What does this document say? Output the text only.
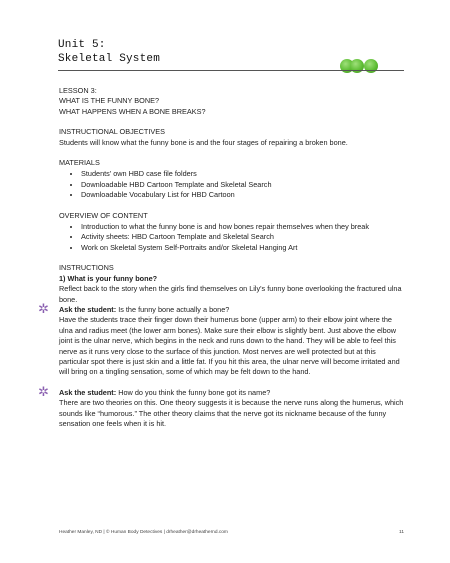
Unit 5:
Skeletal System

LESSON 3:

WHAT IS THE FUNNY BONE?

WHAT HAPPENS WHEN A BONE BREAKS?

INSTRUCTIONAL OBJECTIVES

Students will know what the funny bone is and the four stages of repairing a broken bone.

MATERIALS

• Students' own HBD case file folders
• Downloadable HBD Cartoon Template and Skeletal Search
• Downloadable Vocabulary List for HBD Cartoon

OVERVIEW OF CONTENT

• Introduction to what the funny bone is and how bones repair themselves when they break
• Activity sheets: HBD Cartoon Template and Skeletal Search
• Work on Skeletal System Self-Portraits and/or Skeletal Hanging Art

INSTRUCTIONS

1) What is your funny bone?

Reflect back to the story when the girls find themselves on Lily's funny bone overlooking the fractured ulna bone.

✲ Ask the student: Is the funny bone actually a bone?

Have the students trace their finger down their humerus bone (upper arm) to their elbow joint where the ulna and radius meet (the lower arm bones). Make sure their elbow is slightly bent. Just above the elbow joint is the ulnar nerve, which begins in the neck and runs down to the hand. They will be able to feel this nerve as it runs very close to the surface of this junction. Most nerves are well protected but at this particular spot there is just skin and a little fat. If you hit this area, the ulnar nerve will become irritated and will bring on a tingling sensation, some of which may be felt down to the hand.

✲ Ask the student: How do you think the funny bone got its name?

There are two theories on this. One theory suggests it is because the nerve runs along the humerus, which sounds like “humorous.” The other theory claims that the nerve got its nickname because of the funny sensation one feels when it is hit.

Heather Manley, ND | © Human Body Detectives | drheather@drheathernd.com	11
